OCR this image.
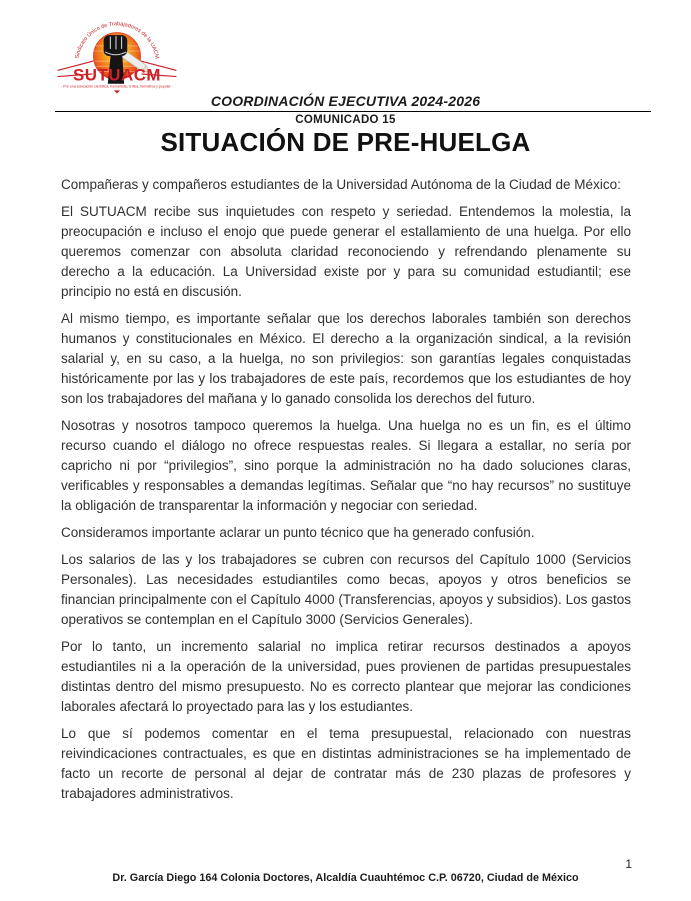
Sindicato Único de Trabajadores de la UACM
SUTUACM
· Por una educación científica, humanista, crítica, formativa y popular ·
COORDINACIÓN EJECUTIVA 2024-2026
COMUNICADO 15
SITUACIÓN DE PRE-HUELGA

Compañeras y compañeros estudiantes de la Universidad Autónoma de la Ciudad de México:

El SUTUACM recibe sus inquietudes con respeto y seriedad. Entendemos la molestia, la preocupación e incluso el enojo que puede generar el estallamiento de una huelga. Por ello queremos comenzar con absoluta claridad reconociendo y refrendando plenamente su derecho a la educación. La Universidad existe por y para su comunidad estudiantil; ese principio no está en discusión.

Al mismo tiempo, es importante señalar que los derechos laborales también son derechos humanos y constitucionales en México. El derecho a la organización sindical, a la revisión salarial y, en su caso, a la huelga, no son privilegios: son garantías legales conquistadas históricamente por las y los trabajadores de este país, recordemos que los estudiantes de hoy son los trabajadores del mañana y lo ganado consolida los derechos del futuro.

Nosotras y nosotros tampoco queremos la huelga. Una huelga no es un fin, es el último recurso cuando el diálogo no ofrece respuestas reales. Si llegara a estallar, no sería por capricho ni por “privilegios”, sino porque la administración no ha dado soluciones claras, verificables y responsables a demandas legítimas. Señalar que “no hay recursos” no sustituye la obligación de transparentar la información y negociar con seriedad.

Consideramos importante aclarar un punto técnico que ha generado confusión.

Los salarios de las y los trabajadores se cubren con recursos del Capítulo 1000 (Servicios Personales). Las necesidades estudiantiles como becas, apoyos y otros beneficios se financian principalmente con el Capítulo 4000 (Transferencias, apoyos y subsidios). Los gastos operativos se contemplan en el Capítulo 3000 (Servicios Generales).

Por lo tanto, un incremento salarial no implica retirar recursos destinados a apoyos estudiantiles ni a la operación de la universidad, pues provienen de partidas presupuestales distintas dentro del mismo presupuesto. No es correcto plantear que mejorar las condiciones laborales afectará lo proyectado para las y los estudiantes.

Lo que sí podemos comentar en el tema presupuestal, relacionado con nuestras reivindicaciones contractuales, es que en distintas administraciones se ha implementado de facto un recorte de personal al dejar de contratar más de 230 plazas de profesores y trabajadores administrativos.

1
Dr. García Diego 164 Colonia Doctores, Alcaldía Cuauhtémoc C.P. 06720, Ciudad de México
